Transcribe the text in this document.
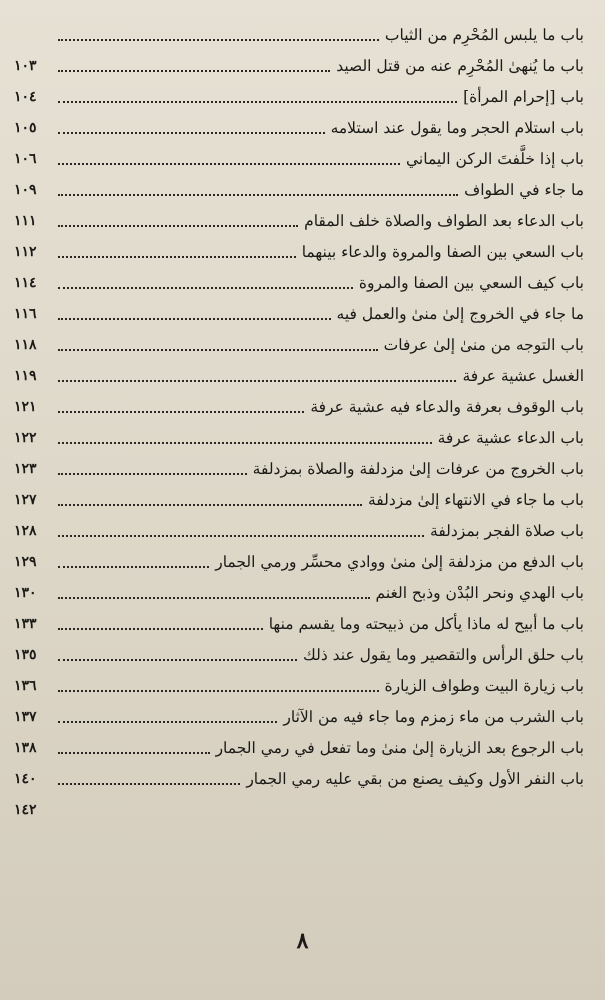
باب ما يلبس المُحْرِم من الثياب
باب ما يُنهىٰ المُحْرِم عنه من قتل الصيد
١٠٣
باب [إحرام المرأة]
١٠٤
باب استلام الحجر وما يقول عند استلامه
١٠٥
باب إذا خلَّفتَ الركن اليماني
١٠٦
ما جاء في الطواف
١٠٩
باب الدعاء بعد الطواف والصلاة خلف المقام
١١١
باب السعي بين الصفا والمروة والدعاء بينهما
١١٢
باب كيف السعي بين الصفا والمروة
١١٤
ما جاء في الخروج إلىٰ منىٰ والعمل فيه
١١٦
باب التوجه من منىٰ إلىٰ عرفات
١١٨
الغسل عشية عرفة
١١٩
باب الوقوف بعرفة والدعاء فيه عشية عرفة
١٢١
باب الدعاء عشية عرفة
١٢٢
باب الخروج من عرفات إلىٰ مزدلفة والصلاة بمزدلفة
١٢٣
باب ما جاء في الانتهاء إلىٰ مزدلفة
١٢٧
باب صلاة الفجر بمزدلفة
١٢٨
باب الدفع من مزدلفة إلىٰ منىٰ ووادي محسِّر ورمي الجمار
١٢٩
باب الهدي ونحر البُدْن وذبح الغنم
١٣٠
باب ما أبيح له ماذا يأكل من ذبيحته وما يقسم منها
١٣٣
باب حلق الرأس والتقصير وما يقول عند ذلك
١٣٥
باب زيارة البيت وطواف الزيارة
١٣٦
باب الشرب من ماء زمزم وما جاء فيه من الآثار
١٣٧
باب الرجوع بعد الزيارة إلىٰ منىٰ وما تفعل في رمي الجمار
١٣٨
باب النفر الأول وكيف يصنع من بقي عليه رمي الجمار
١٤٠
١٤٢
٨
